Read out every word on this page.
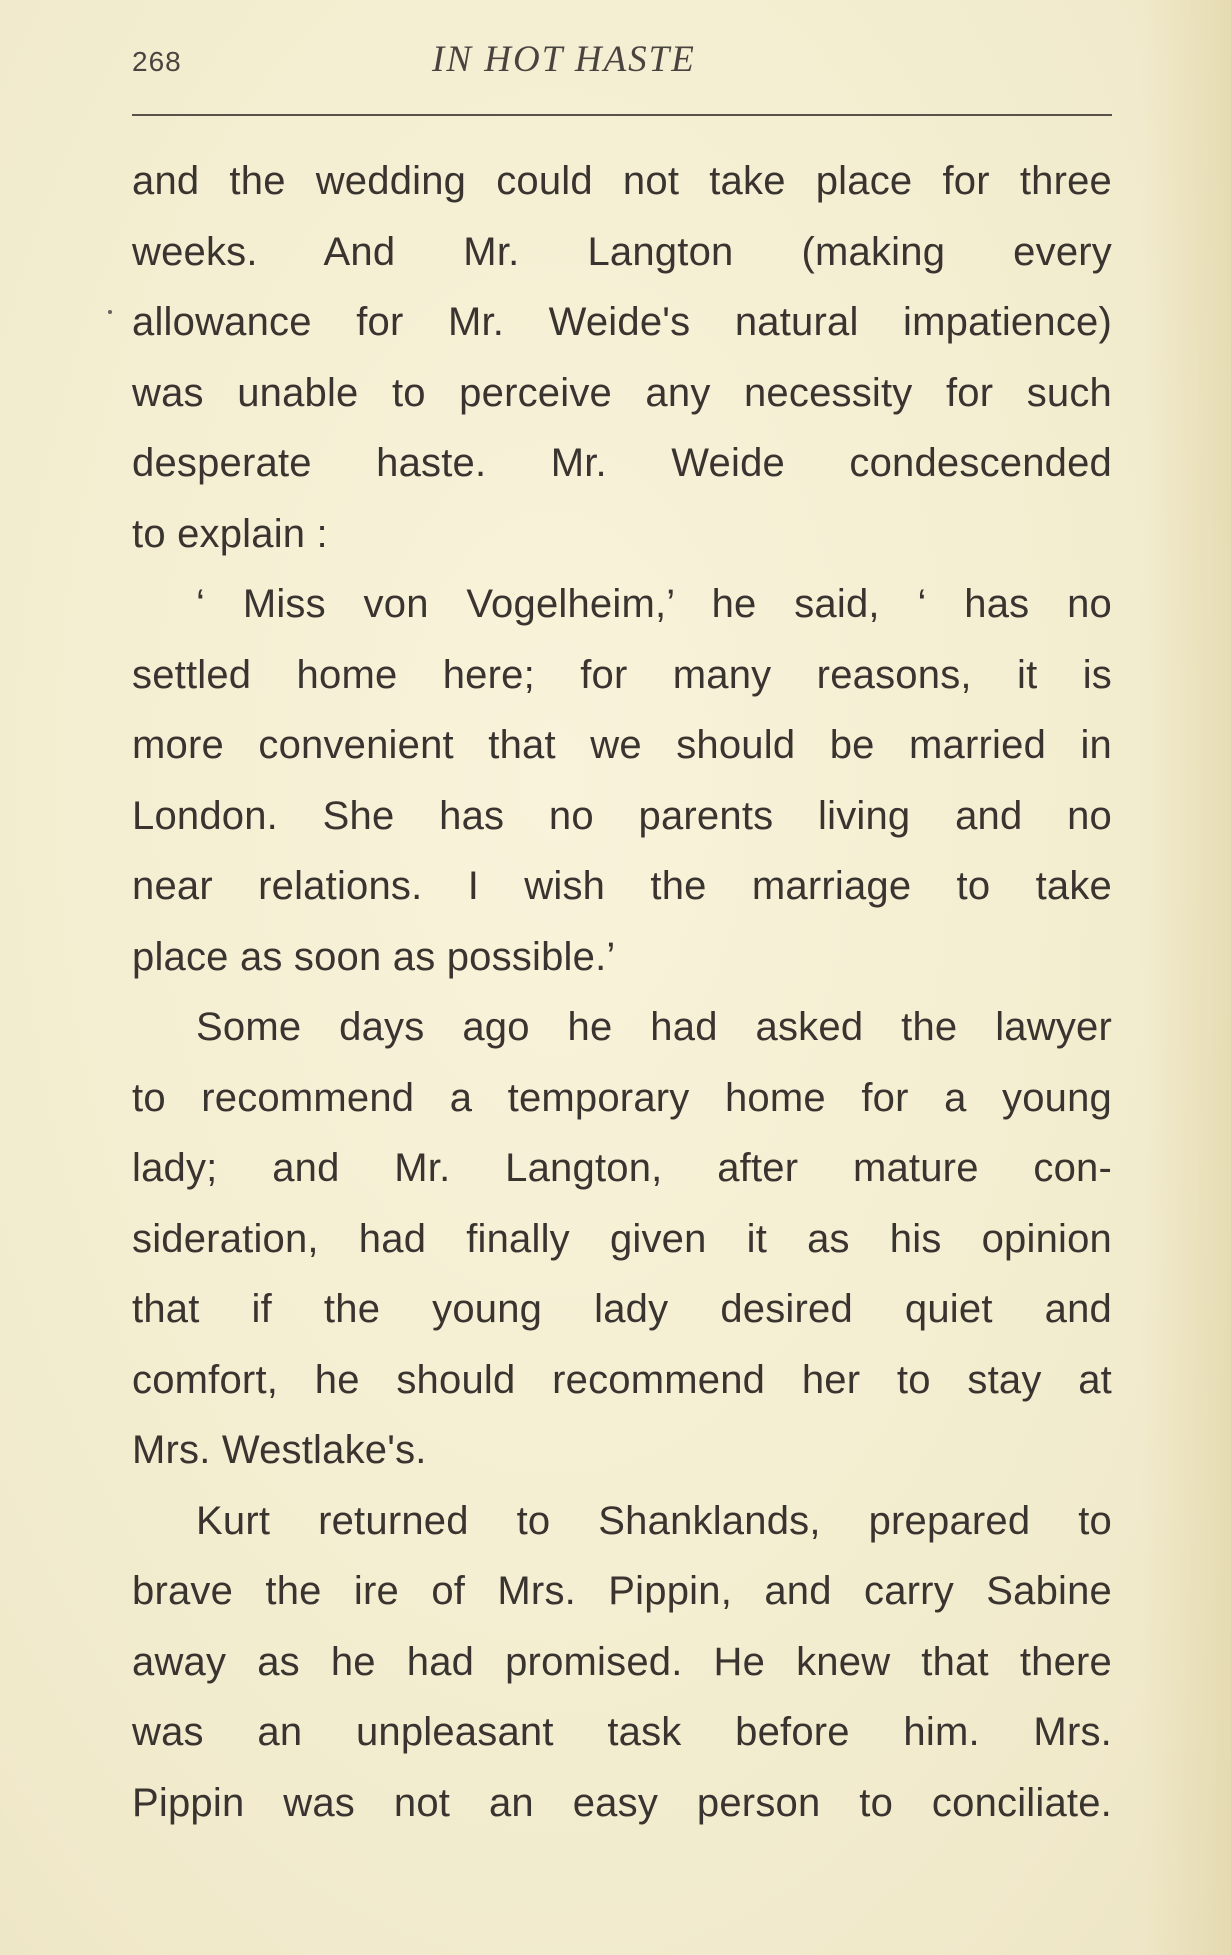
268	IN HOT HASTE
and the wedding could not take place for three
weeks. And Mr. Langton (making every
allowance for Mr. Weide's natural impatience)
was unable to perceive any necessity for such
desperate haste. Mr. Weide condescended
to explain :
‘ Miss von Vogelheim,’ he said, ‘ has no
settled home here; for many reasons, it is
more convenient that we should be married in
London. She has no parents living and no
near relations. I wish the marriage to take
place as soon as possible.’
Some days ago he had asked the lawyer
to recommend a temporary home for a young
lady; and Mr. Langton, after mature con-
sideration, had finally given it as his opinion
that if the young lady desired quiet and
comfort, he should recommend her to stay at
Mrs. Westlake's.
Kurt returned to Shanklands, prepared to
brave the ire of Mrs. Pippin, and carry Sabine
away as he had promised. He knew that there
was an unpleasant task before him. Mrs.
Pippin was not an easy person to conciliate.
